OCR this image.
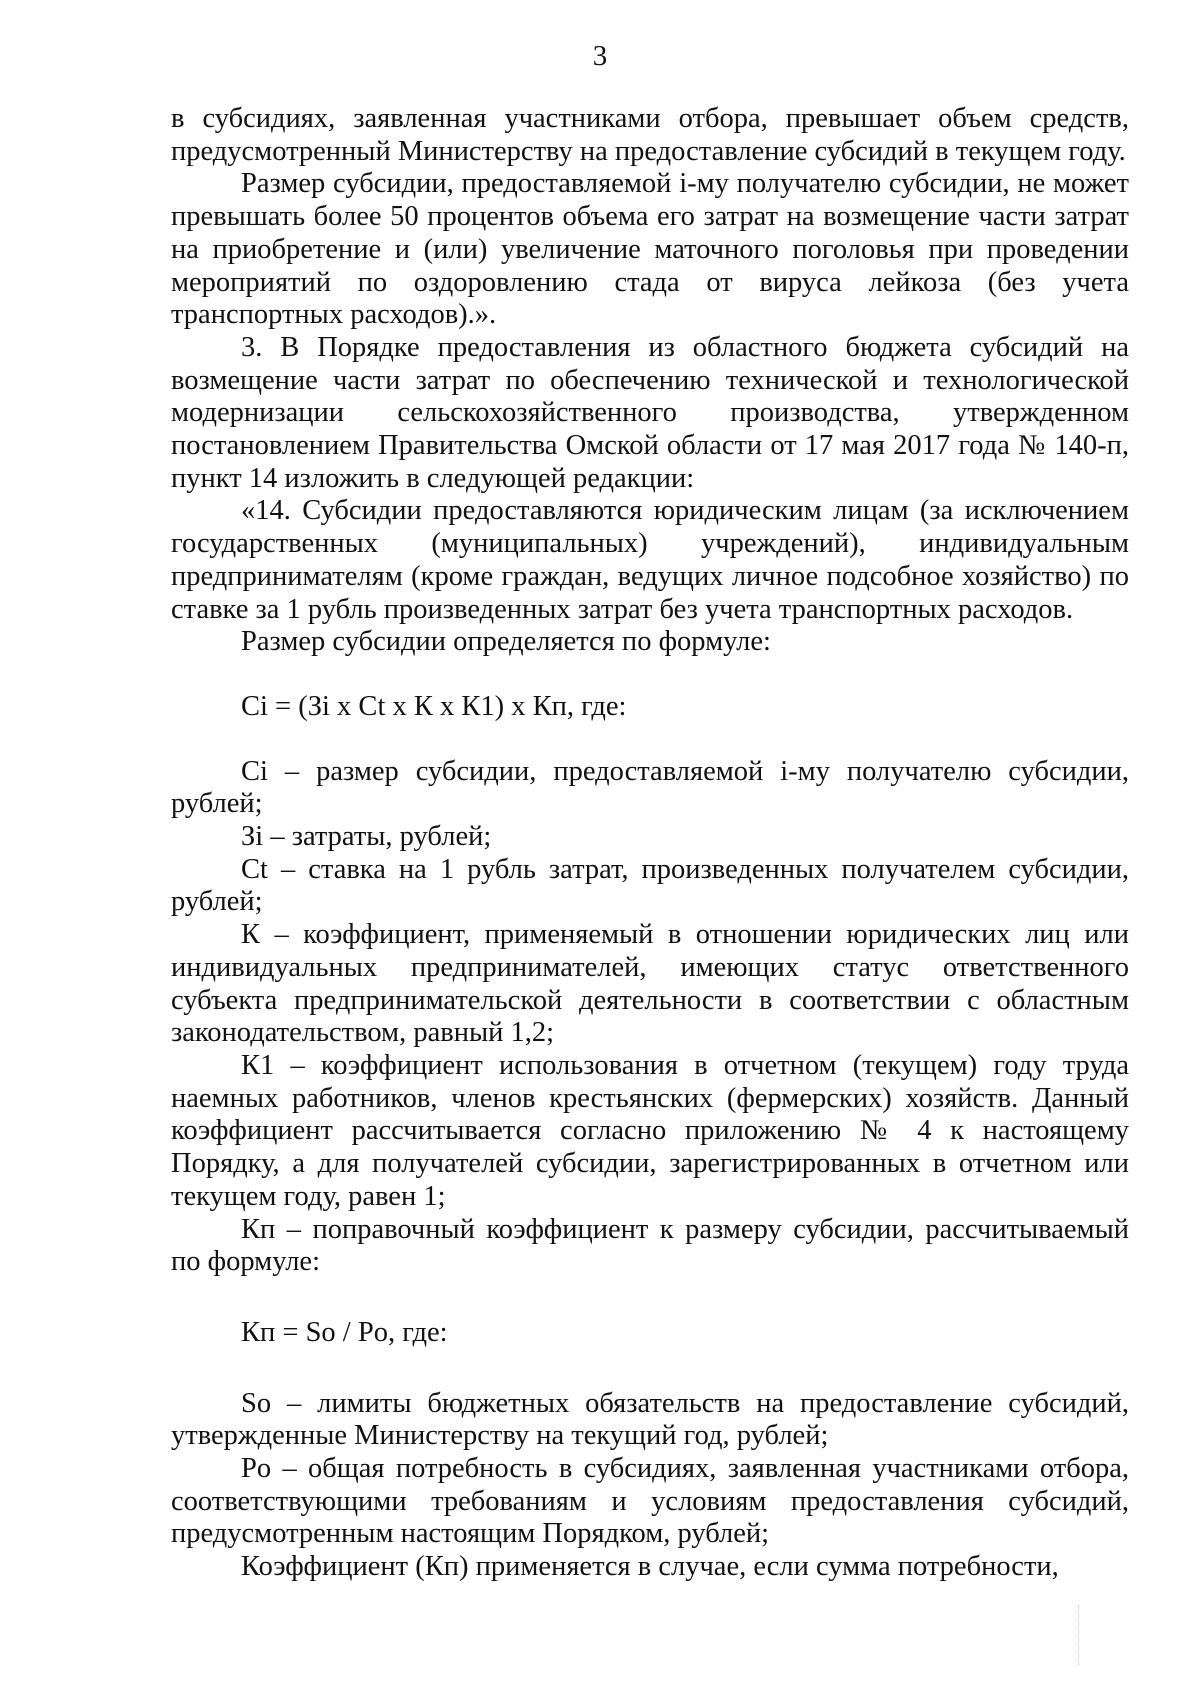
3

в субсидиях, заявленная участниками отбора, превышает объем средств, предусмотренный Министерству на предоставление субсидий в текущем году.

Размер субсидии, предоставляемой i-му получателю субсидии, не может превышать более 50 процентов объема его затрат на возмещение части затрат на приобретение и (или) увеличение маточного поголовья при проведении мероприятий по оздоровлению стада от вируса лейкоза (без учета транспортных расходов).».

3. В Порядке предоставления из областного бюджета субсидий на возмещение части затрат по обеспечению технической и технологической модернизации сельскохозяйственного производства, утвержденном постановлением Правительства Омской области от 17 мая 2017 года № 140-п, пункт 14 изложить в следующей редакции:

«14. Субсидии предоставляются юридическим лицам (за исключением государственных (муниципальных) учреждений), индивидуальным предпринимателям (кроме граждан, ведущих личное подсобное хозяйство) по ставке за 1 рубль произведенных затрат без учета транспортных расходов.

Размер субсидии определяется по формуле:

Ci = (Зi x Ct x К x К1) x Кп, где:

Ci – размер субсидии, предоставляемой i-му получателю субсидии, рублей;

Зi – затраты, рублей;

Ct – ставка на 1 рубль затрат, произведенных получателем субсидии, рублей;

К – коэффициент, применяемый в отношении юридических лиц или индивидуальных предпринимателей, имеющих статус ответственного субъекта предпринимательской деятельности в соответствии с областным законодательством, равный 1,2;

К1 – коэффициент использования в отчетном (текущем) году труда наемных работников, членов крестьянских (фермерских) хозяйств. Данный коэффициент рассчитывается согласно приложению № 4 к настоящему Порядку, а для получателей субсидии, зарегистрированных в отчетном или текущем году, равен 1;

Кп – поправочный коэффициент к размеру субсидии, рассчитываемый по формуле:

Кп = So / Po, где:

So – лимиты бюджетных обязательств на предоставление субсидий, утвержденные Министерству на текущий год, рублей;

Po – общая потребность в субсидиях, заявленная участниками отбора, соответствующими требованиям и условиям предоставления субсидий, предусмотренным настоящим Порядком, рублей;

Коэффициент (Кп) применяется в случае, если сумма потребности,
